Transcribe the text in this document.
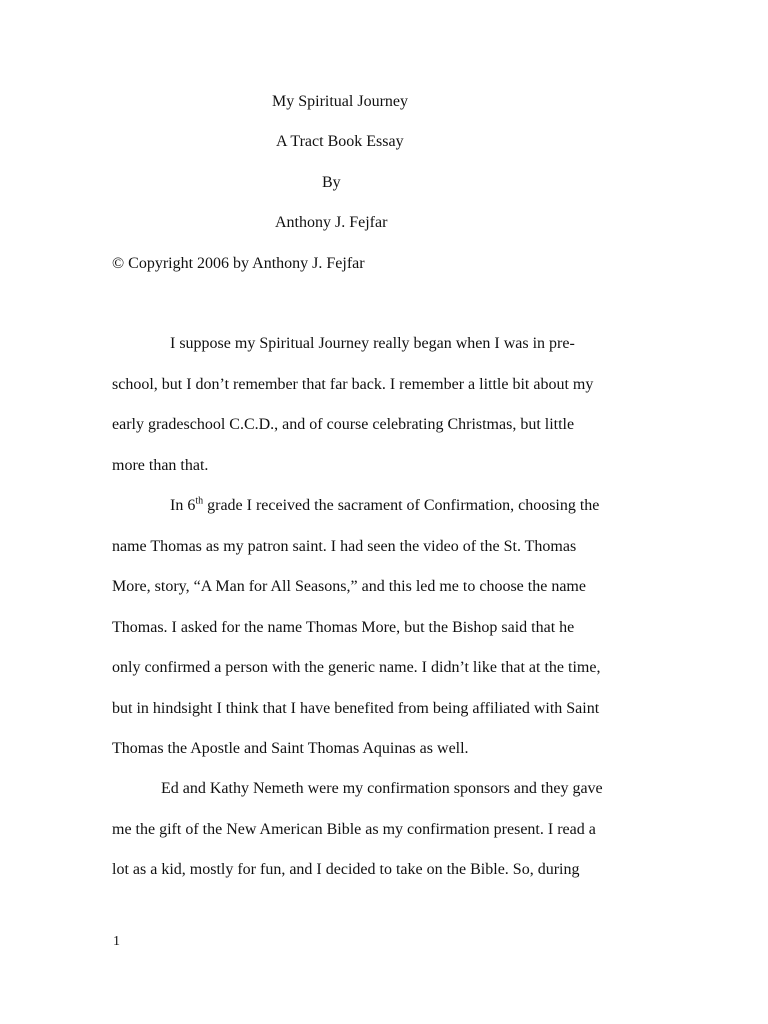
My Spiritual Journey
A Tract Book Essay
By
Anthony J. Fejfar
© Copyright 2006 by Anthony J. Fejfar
I suppose my Spiritual Journey really began when I was in pre-
school, but I don’t remember that far back. I remember a little bit about my
early gradeschool C.C.D., and of course celebrating Christmas, but little
more than that.
In 6th grade I received the sacrament of Confirmation, choosing the
name Thomas as my patron saint. I had seen the video of the St. Thomas
More, story, “A Man for All Seasons,” and this led me to choose the name
Thomas. I asked for the name Thomas More, but the Bishop said that he
only confirmed a person with the generic name. I didn’t like that at the time,
but in hindsight I think that I have benefited from being affiliated with Saint
Thomas the Apostle and Saint Thomas Aquinas as well.
Ed and Kathy Nemeth were my confirmation sponsors and they gave
me the gift of the New American Bible as my confirmation present. I read a
lot as a kid, mostly for fun, and I decided to take on the Bible. So, during
1
